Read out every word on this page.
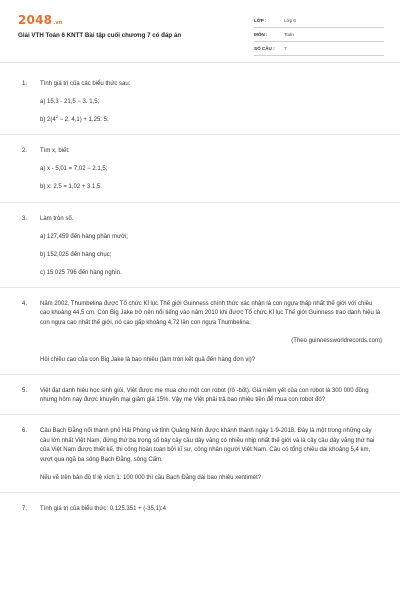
2048.vn
Giải VTH Toán 6 KNTT Bài tập cuối chương 7 có đáp án
LỚP :	Lớp 6
MÔN :	Toán
SỐ CÂU : 7
1. Tính giá trị của các biểu thức sau:
a) 15,3 - 21,5 − 3. 1,5;
b) $2(4^2 - 2$. 4,1) + 1,25: 5.
2. Tìm x, biết:
a) x - 5,01 = 7,02 − 2.1,5;
b) x: 2,5 = 1,02 + 3.1,5.
3. Làm tròn số.
a) 127,459 đến hàng phần mười;
b) 152,025 đến hàng chục;
c) 15 025 796 đến hàng nghìn.
4. Năm 2002, Thumbelina được Tổ chức Kỉ lục Thế giới Guinness chính thức xác nhận là con ngựa thấp nhất thế giới với chiều cao khoảng 44,5 cm. Còn Big Jake trở nên nổi tiếng vào năm 2010 khi được Tổ chức Kỉ lục Thế giới Guinness trao danh hiệu là con ngựa cao nhất thế giới, nó cao gấp khoảng 4,72 lần con ngựa Thumbelina.
(Theo guinnessworldrecords.com)
Hỏi chiều cao của con Big Jake là bao nhiêu (làm tròn kết quả đến hàng đơn vị)?
5. Việt đạt danh hiệu học sinh giỏi, Việt được mẹ mua cho một con robot (rô -bốt). Giá niêm yết của con robot là 300 000 đồng nhưng hôm nay được khuyến mại giảm giá 15%. Vậy mẹ Việt phải trả bao nhiêu tiền để mua con robot đó?
6. Cầu Bạch Đằng nối thành phố Hải Phòng và tỉnh Quảng Ninh được khánh thành ngày 1-9-2018. Đây là một trong những cây cầu lớn nhất Việt Nam, đứng thứ ba trong số bảy cây cầu dây văng có nhiều nhịp nhất thế giới và là cây cầu dây văng thứ hai của Việt Nam được thiết kế, thi công hoàn toàn bởi kĩ sư, công nhân người Việt Nam. Cầu có tổng chiều dài khoảng 5,4 km, vượt qua ngã ba sông Bạch Đằng, sông Cấm.
Nếu vẽ trên bản đồ tỉ lệ xích 1: 100 000 thì cầu Bạch Đằng dài bao nhiêu xentimét?
7. Tính giá trị của biểu thức: 0,125.351 + (-35,1):4
